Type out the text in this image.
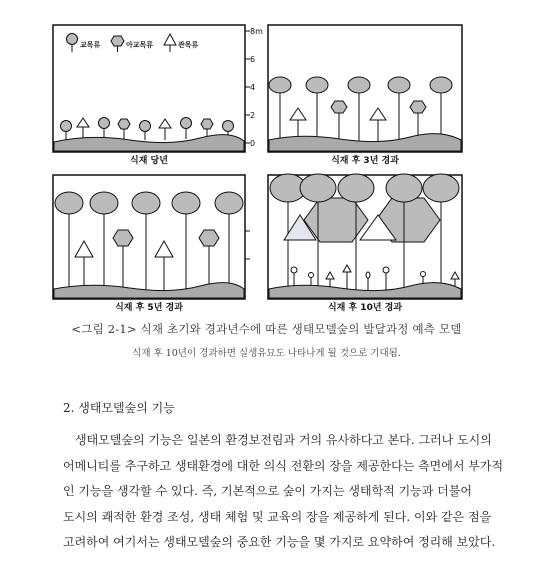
교목류	아교목류	관목류
0
2
4
6
8m
식재 당년	식재 후 3년 경과
식재 후 5년 경과	식재 후 10년 경과
<그림 2-1> 식재 초기와 경과년수에 따른 생태모델숲의 발달과정 예측 모델
식재 후 10년이 경과하면 실생유묘도 나타나게 될 것으로 기대됨.
2. 생태모델숲의 기능
생태모델숲의 기능은 일본의 환경보전림과 거의 유사하다고 본다. 그러나 도시의
어메니티를 추구하고 생태환경에 대한 의식 전환의 장을 제공한다는 측면에서 부가적
인 기능을 생각할 수 있다. 즉, 기본적으로 숲이 가지는 생태학적 기능과 더불어
도시의 쾌적한 환경 조성, 생태 체험 및 교육의 장을 제공하게 된다. 이와 같은 점을
고려하여 여기서는 생태모델숲의 중요한 기능을 몇 가지로 요약하여 정리해 보았다.
